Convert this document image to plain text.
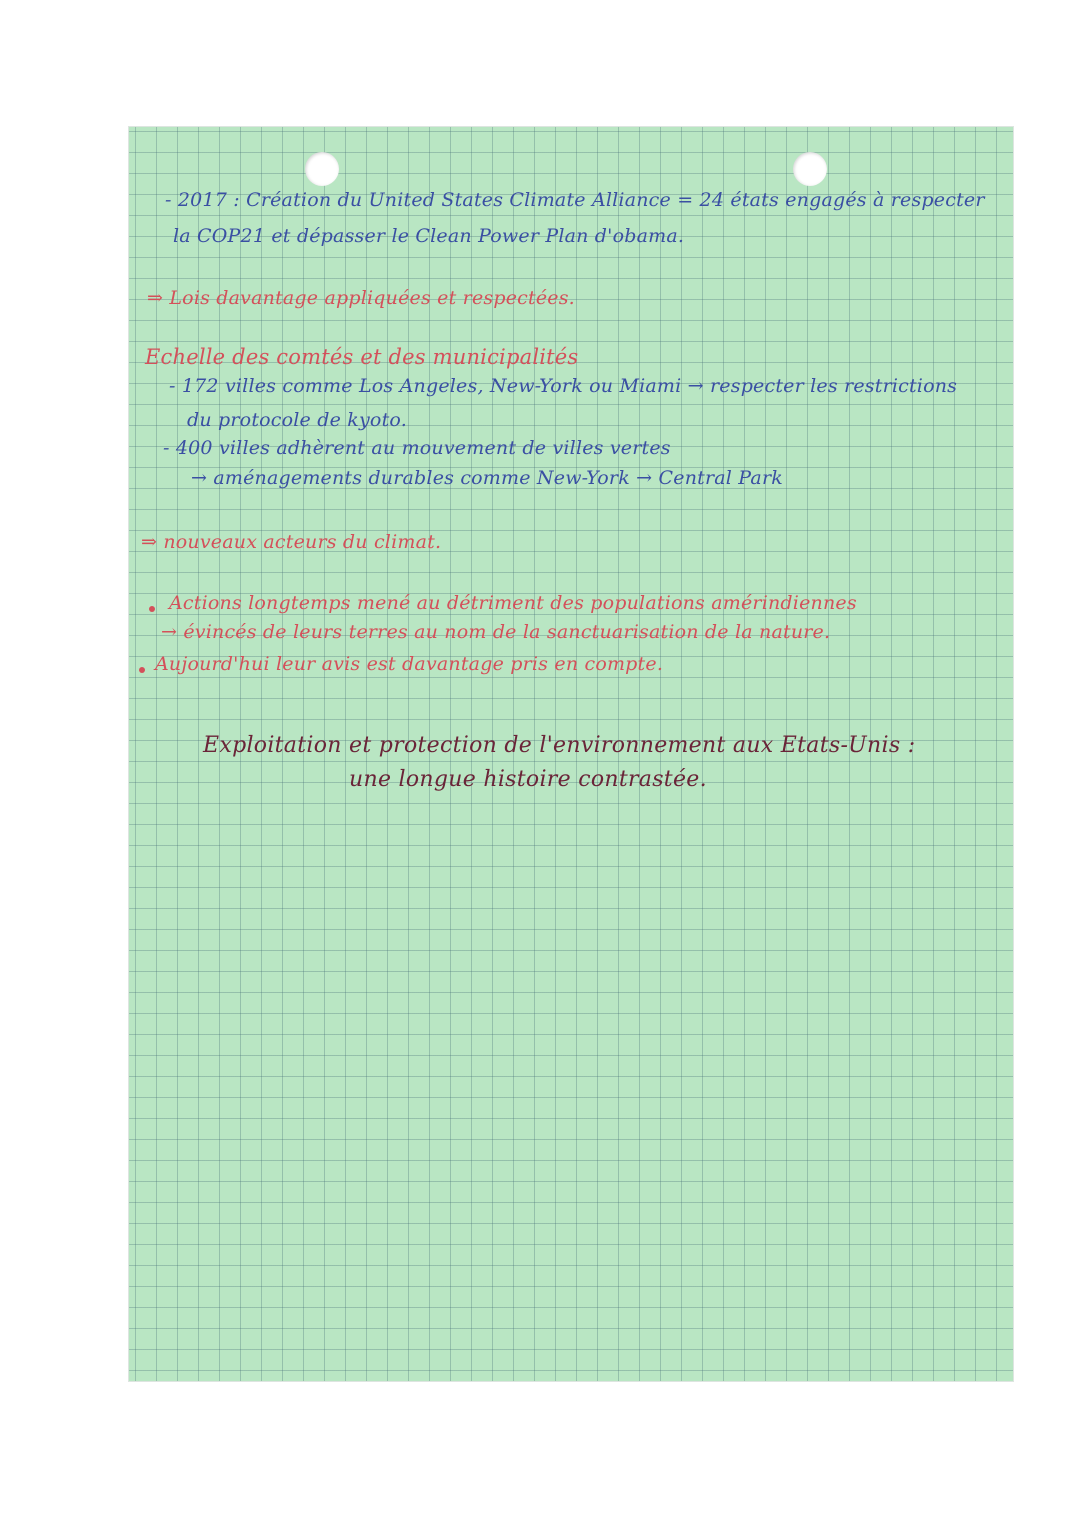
- 2017 : Création du United States Climate Alliance = 24 états engagés à respecter
la COP21 et dépasser le Clean Power Plan d'obama.
⇒ Lois davantage appliquées et respectées.
Echelle des comtés et des municipalités
- 172 villes comme Los Angeles, New-York ou Miami → respecter les restrictions
du protocole de kyoto.
- 400 villes adhèrent au mouvement de villes vertes
→ aménagements durables comme New-York → Central Park
⇒ nouveaux acteurs du climat.
Actions longtemps mené au détriment des populations amérindiennes
→ évincés de leurs terres au nom de la sanctuarisation de la nature.
Aujourd'hui leur avis est davantage pris en compte.
Exploitation et protection de l'environnement aux Etats-Unis :
une longue histoire contrastée.
